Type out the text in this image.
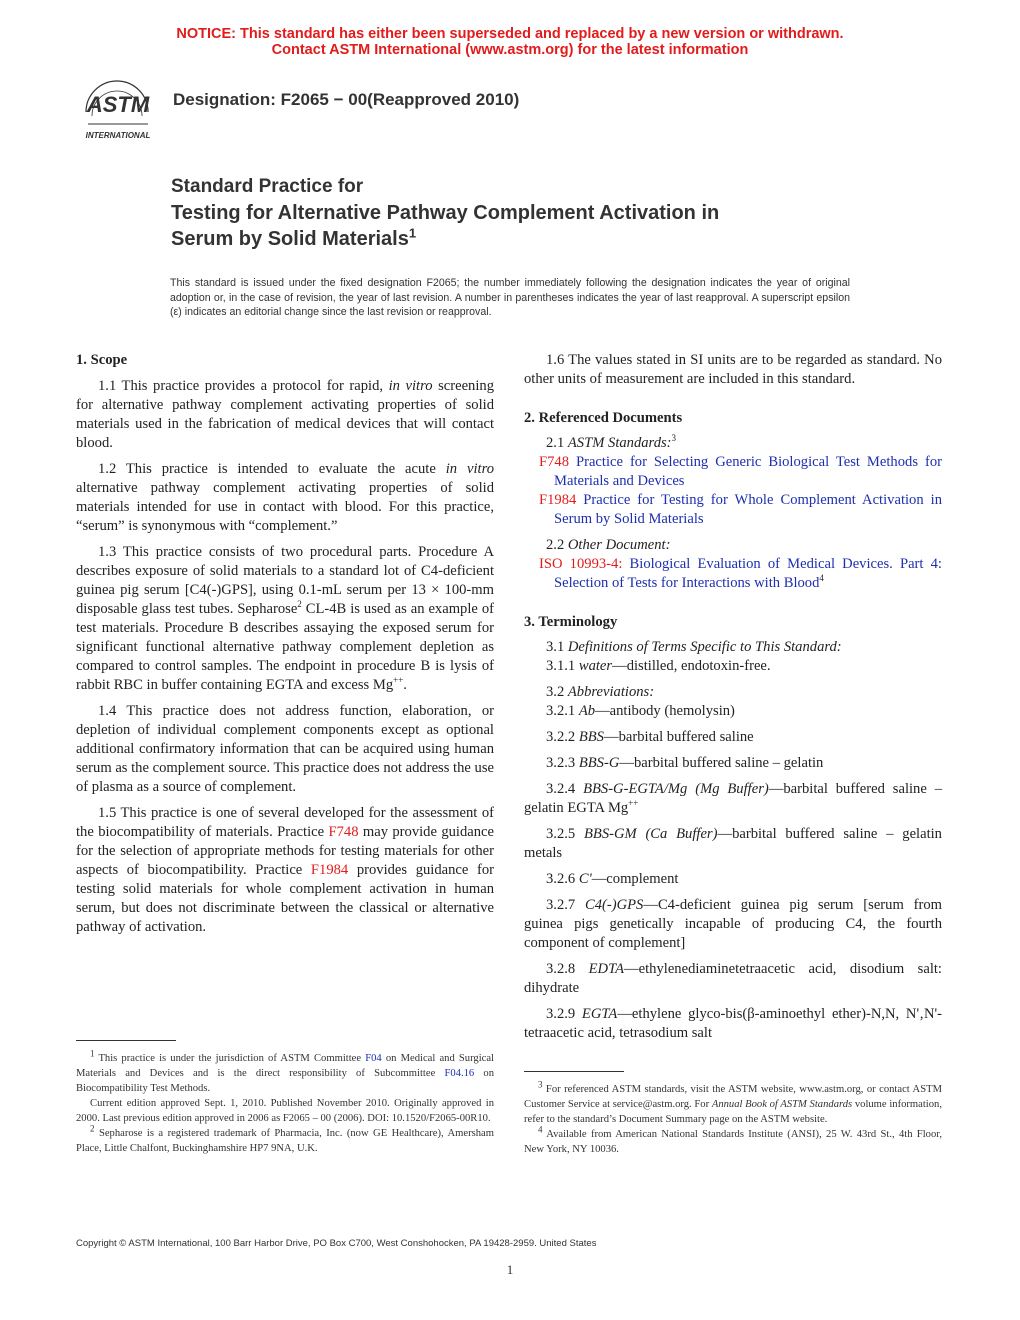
NOTICE: This standard has either been superseded and replaced by a new version or withdrawn.
Contact ASTM International (www.astm.org) for the latest information
ASTM
INTERNATIONAL
Designation: F2065 − 00(Reapproved 2010)
Standard Practice for
Testing for Alternative Pathway Complement Activation in
Serum by Solid Materials$^1$
This standard is issued under the fixed designation F2065; the number immediately following the designation indicates the year of original adoption or, in the case of revision, the year of last revision. A number in parentheses indicates the year of last reapproval. A superscript epsilon (ε) indicates an editorial change since the last revision or reapproval.

1. Scope

1.1 This practice provides a protocol for rapid, in vitro screening for alternative pathway complement activating properties of solid materials used in the fabrication of medical devices that will contact blood.

1.2 This practice is intended to evaluate the acute in vitro alternative pathway complement activating properties of solid materials intended for use in contact with blood. For this practice, “serum” is synonymous with “complement.”

1.3 This practice consists of two procedural parts. Procedure A describes exposure of solid materials to a standard lot of C4-deficient guinea pig serum [C4(-)GPS], using 0.1-mL serum per 13 × 100-mm disposable glass test tubes. Sepharose$^2$ CL-4B is used as an example of test materials. Procedure B describes assaying the exposed serum for significant functional alternative pathway complement depletion as compared to control samples. The endpoint in procedure B is lysis of rabbit RBC in buffer containing EGTA and excess Mg++.

1.4 This practice does not address function, elaboration, or depletion of individual complement components except as optional additional confirmatory information that can be acquired using human serum as the complement source. This practice does not address the use of plasma as a source of complement.

1.5 This practice is one of several developed for the assessment of the biocompatibility of materials. Practice F748 may provide guidance for the selection of appropriate methods for testing materials for other aspects of biocompatibility. Practice F1984 provides guidance for testing solid materials for whole complement activation in human serum, but does not discriminate between the classical or alternative pathway of activation.

1.6 The values stated in SI units are to be regarded as standard. No other units of measurement are included in this standard.

2. Referenced Documents

2.1 ASTM Standards:$^3$

F748 Practice for Selecting Generic Biological Test Methods for Materials and Devices

F1984 Practice for Testing for Whole Complement Activation in Serum by Solid Materials

2.2 Other Document:

ISO 10993-4: Biological Evaluation of Medical Devices. Part 4: Selection of Tests for Interactions with Blood$^4$

3. Terminology

3.1 Definitions of Terms Specific to This Standard:

3.1.1 water—distilled, endotoxin-free.

3.2 Abbreviations:

3.2.1 Ab—antibody (hemolysin)

3.2.2 BBS—barbital buffered saline

3.2.3 BBS-G—barbital buffered saline – gelatin

3.2.4 BBS-G-EGTA/Mg (Mg Buffer)—barbital buffered saline – gelatin EGTA Mg++

3.2.5 BBS-GM (Ca Buffer)—barbital buffered saline – gelatin metals

3.2.6 C'—complement

3.2.7 C4(-)GPS—C4-deficient guinea pig serum [serum from guinea pigs genetically incapable of producing C4, the fourth component of complement]

3.2.8 EDTA—ethylenediaminetetraacetic acid, disodium salt: dihydrate

3.2.9 EGTA—ethylene glyco-bis(β-aminoethyl ether)-N,N, N'‚N'-tetraacetic acid, tetrasodium salt

$^1$ This practice is under the jurisdiction of ASTM Committee F04 on Medical and Surgical Materials and Devices and is the direct responsibility of Subcommittee F04.16 on Biocompatibility Test Methods.

Current edition approved Sept. 1, 2010. Published November 2010. Originally approved in 2000. Last previous edition approved in 2006 as F2065 – 00 (2006). DOI: 10.1520/F2065-00R10.

$^2$ Sepharose is a registered trademark of Pharmacia, Inc. (now GE Healthcare), Amersham Place, Little Chalfont, Buckinghamshire HP7 9NA, U.K.

$^3$ For referenced ASTM standards, visit the ASTM website, www.astm.org, or contact ASTM Customer Service at service@astm.org. For Annual Book of ASTM Standards volume information, refer to the standard’s Document Summary page on the ASTM website.

$^4$ Available from American National Standards Institute (ANSI), 25 W. 43rd St., 4th Floor, New York, NY 10036.

Copyright © ASTM International, 100 Barr Harbor Drive, PO Box C700, West Conshohocken, PA 19428-2959. United States
1
